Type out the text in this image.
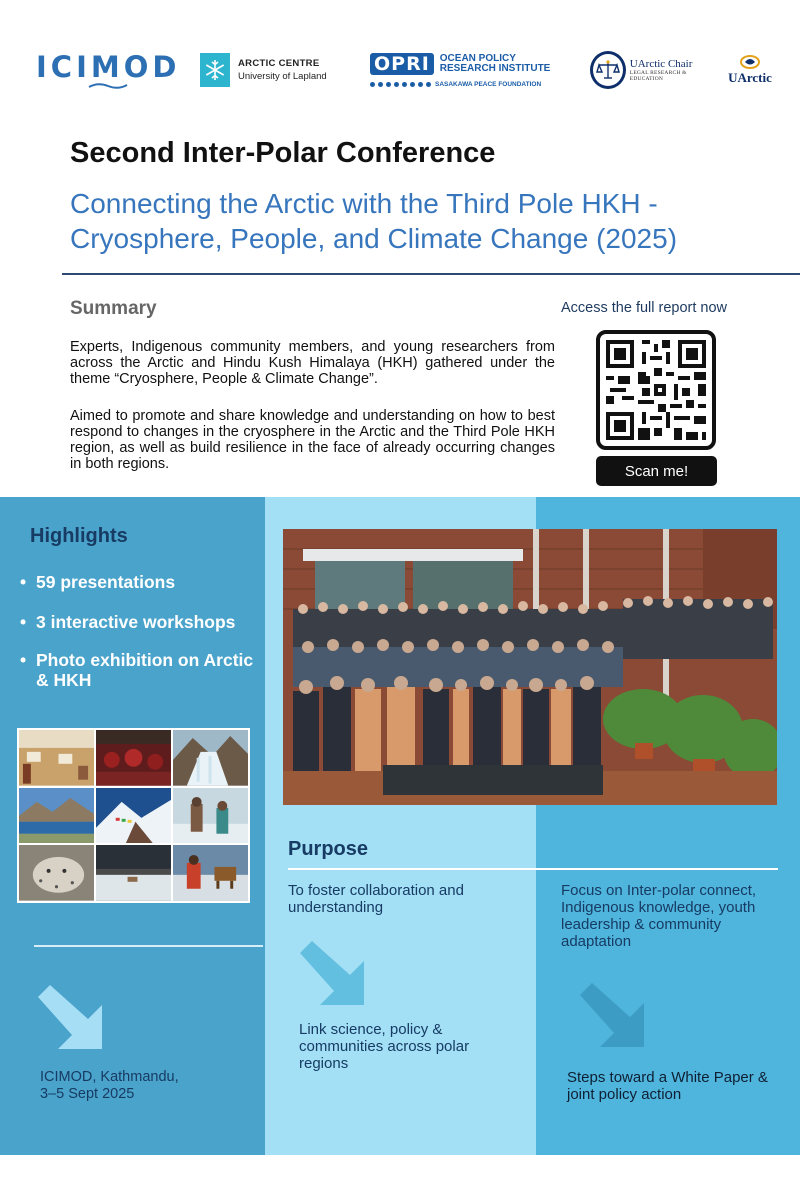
ICIMOD	ARCTIC CENTRE
University of Lapland
OPRI	OCEAN POLICY
RESEARCH INSTITUTE
SASAKAWA PEACE FOUNDATION
UArctic Chair
LEGAL RESEARCH & EDUCATION	UArctic
Second Inter-Polar Conference
Connecting the Arctic with the Third Pole HKH -
Cryosphere, People, and Climate Change (2025)
Summary

Experts, Indigenous community members, and young researchers from across the Arctic and Hindu Kush Himalaya (HKH) gathered under the theme “Cryosphere, People & Climate Change”.

Aimed to promote and share knowledge and understanding on how to best respond to changes in the cryosphere in the Arctic and the Third Pole HKH region, as well as build resilience in the face of already occurring changes in both regions.

Access the full report now
Scan me!
Highlights
• 59 presentations
• 3 interactive workshops
• Photo exhibition on Arctic & HKH
ICIMOD, Kathmandu,
3–5 Sept 2025
Purpose
To foster collaboration and understanding
Link science, policy & communities across polar regions
Focus on Inter-polar connect, Indigenous knowledge, youth leadership & community adaptation
Steps toward a White Paper & joint policy action
